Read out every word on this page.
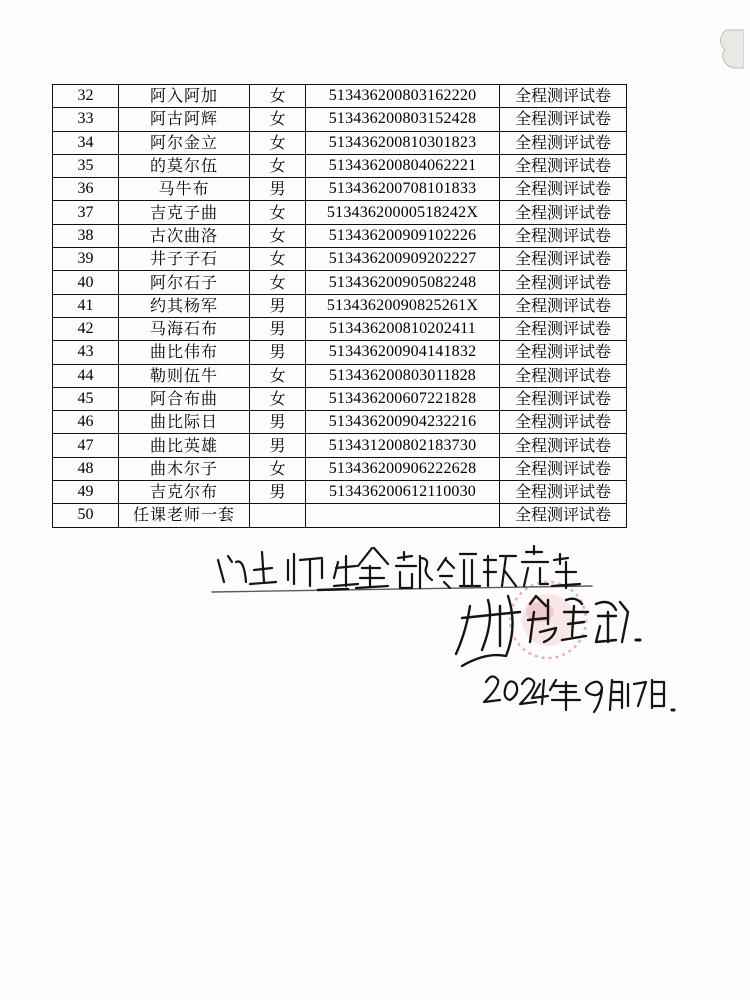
32	阿入阿加	女	513436200803162220	全程测评试卷
33	阿古阿辉	女	513436200803152428	全程测评试卷
34	阿尔金立	女	513436200810301823	全程测评试卷
35	的莫尔伍	女	513436200804062221	全程测评试卷
36	马牛布	男	513436200708101833	全程测评试卷
37	吉克子曲	女	51343620000518242X	全程测评试卷
38	古次曲洛	女	513436200909102226	全程测评试卷
39	井子子石	女	513436200909202227	全程测评试卷
40	阿尔石子	女	513436200905082248	全程测评试卷
41	约其杨军	男	51343620090825261X	全程测评试卷
42	马海石布	男	513436200810202411	全程测评试卷
43	曲比伟布	男	513436200904141832	全程测评试卷
44	勒则伍牛	女	513436200803011828	全程测评试卷
45	阿合布曲	女	513436200607221828	全程测评试卷
46	曲比际日	男	513436200904232216	全程测评试卷
47	曲比英雄	男	513431200802183730	全程测评试卷
48	曲木尔子	女	513436200906222628	全程测评试卷
49	吉克尔布	男	513436200612110030	全程测评试卷
50	任课老师一套			全程测评试卷
